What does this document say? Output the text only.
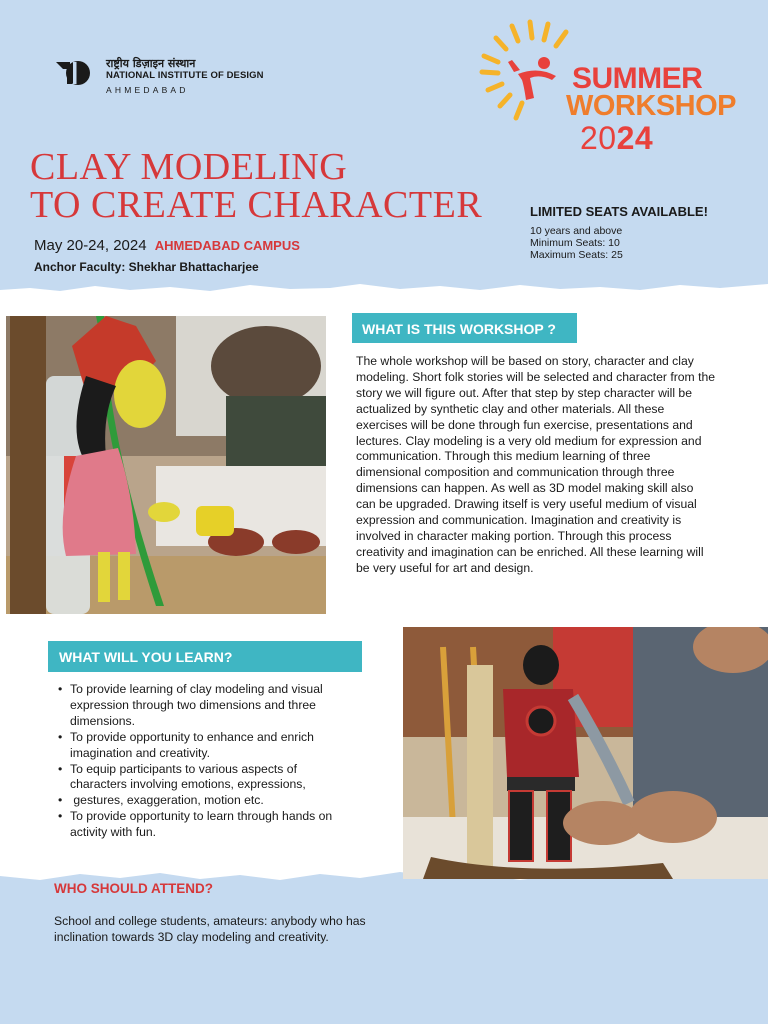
राष्ट्रीय डिज़ाइन संस्थान
NATIONAL INSTITUTE OF DESIGN
AHMEDABAD	SUMMER
WORKSHOP
2024
CLAY MODELING
TO CREATE CHARACTER
May 20-24, 2024 AHMEDABAD CAMPUS
Anchor Faculty: Shekhar Bhattacharjee
LIMITED SEATS AVAILABLE!
10 years and above
Minimum Seats: 10
Maximum Seats: 25
WHAT IS THIS WORKSHOP ?
The whole workshop will be based on story, character and clay modeling. Short folk stories will be selected and character from the story we will figure out. After that step by step character will be actualized by synthetic clay and other materials. All these exercises will be done through fun exercise, presentations and lectures. Clay modeling is a very old medium for expression and communication. Through this medium learning of three dimensional composition and communication through three dimensions can happen. As well as 3D model making skill also can be upgraded. Drawing itself is very useful medium of visual expression and communication. Imagination and creativity is involved in character making portion. Through this process creativity and imagination can be enriched. All these learning will be very useful for art and design.
WHAT WILL YOU LEARN?
• To provide learning of clay modeling and visual expression through two dimensions and three dimensions.
• To provide opportunity to enhance and enrich imagination and creativity.
• To equip participants to various aspects of characters involving emotions, expressions,
•  gestures, exaggeration, motion etc.
• To provide opportunity to learn through hands on activity with fun.
WHO SHOULD ATTEND?
School and college students, amateurs: anybody who has inclination towards 3D clay modeling and creativity.
